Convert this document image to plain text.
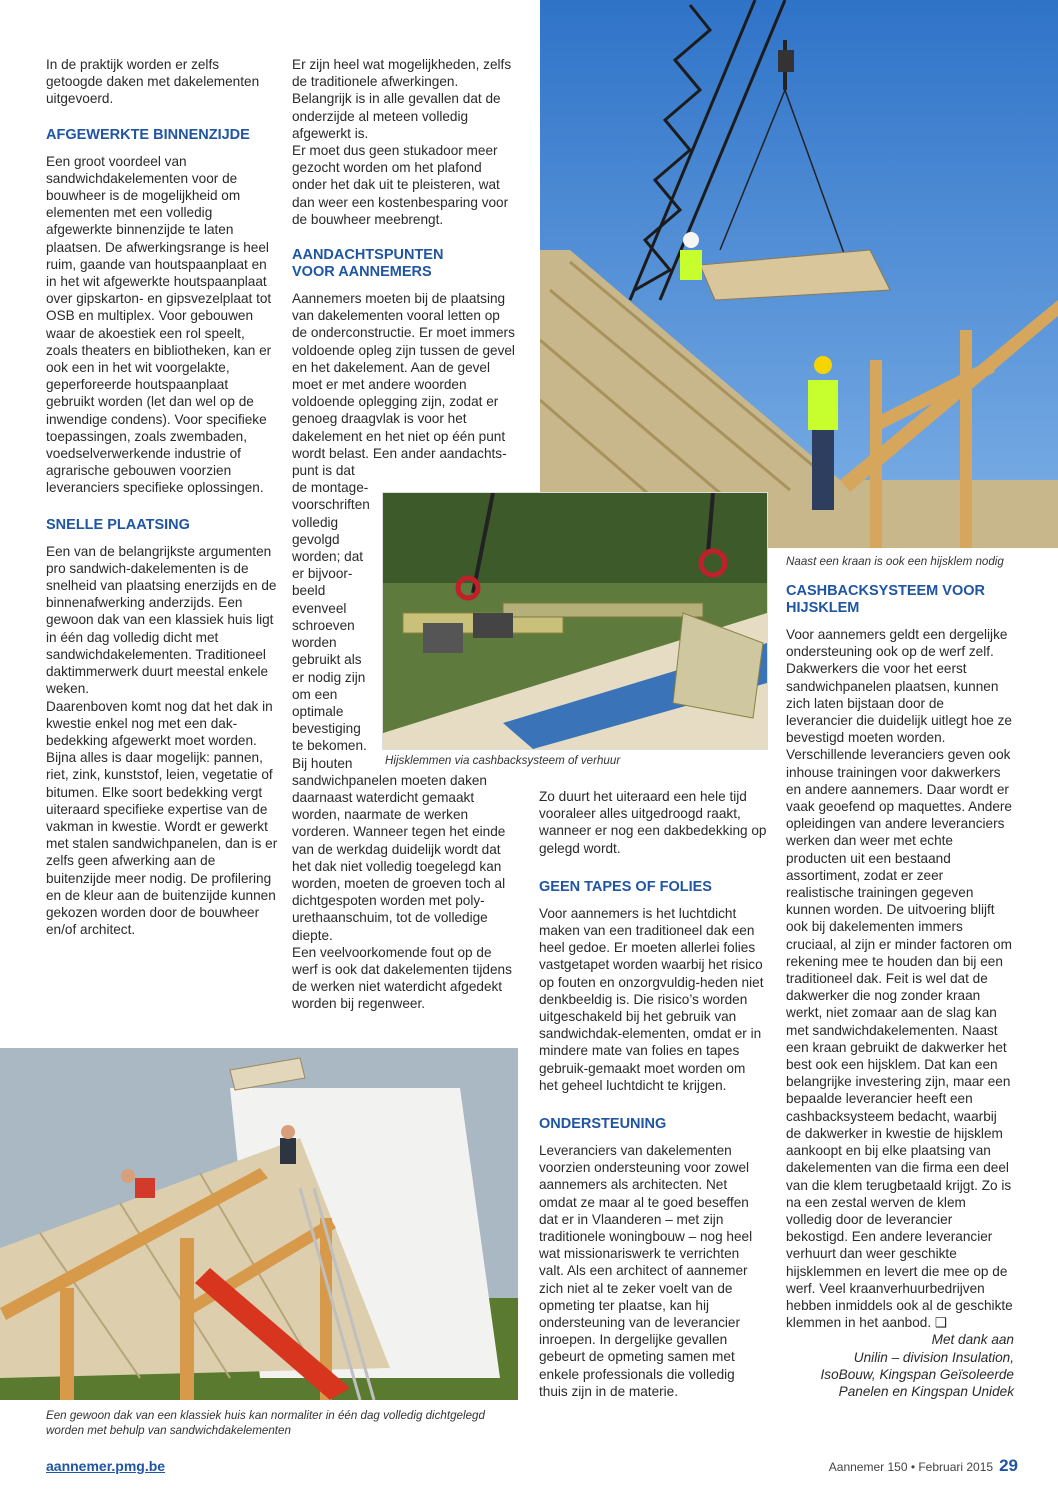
In de praktijk worden er zelfs getoogde daken met dakelementen uitgevoerd.

AFGEWERKTE BINNENZIJDE

Een groot voordeel van sandwichdakelementen voor de bouwheer is de mogelijkheid om elementen met een volledig afgewerkte binnenzijde te laten plaatsen. De afwerkingsrange is heel ruim, gaande van houtspaanplaat en in het wit afgewerkte houtspaanplaat over gipskarton- en gipsvezelplaat tot OSB en multiplex. Voor gebouwen waar de akoestiek een rol speelt, zoals theaters en bibliotheken, kan er ook een in het wit voorgelakte, geperforeerde houtspaanplaat gebruikt worden (let dan wel op de inwendige condens). Voor specifieke toepassingen, zoals zwembaden, voedselverwerkende industrie of agrarische gebouwen voorzien leveranciers specifieke oplossingen.

SNELLE PLAATSING

Een van de belangrijkste argumenten pro sandwich-dakelementen is de snelheid van plaatsing enerzijds en de binnenafwerking anderzijds. Een gewoon dak van een klassiek huis ligt in één dag volledig dicht met sandwichdakelementen. Traditioneel daktimmerwerk duurt meestal enkele weken.

Daarenboven komt nog dat het dak in kwestie enkel nog met een dak-bedekking afgewerkt moet worden. Bijna alles is daar mogelijk: pannen, riet, zink, kunststof, leien, vegetatie of bitumen. Elke soort bedekking vergt uiteraard specifieke expertise van de vakman in kwestie. Wordt er gewerkt met stalen sandwichpanelen, dan is er zelfs geen afwerking aan de buitenzijde meer nodig. De profilering en de kleur aan de buitenzijde kunnen gekozen worden door de bouwheer en/of architect.

Er zijn heel wat mogelijkheden, zelfs de traditionele afwerkingen. Belangrijk is in alle gevallen dat de onderzijde al meteen volledig afgewerkt is.

Er moet dus geen stukadoor meer gezocht worden om het plafond onder het dak uit te pleisteren, wat dan weer een kostenbesparing voor de bouwheer meebrengt.

AANDACHTSPUNTEN VOOR AANNEMERS

Aannemers moeten bij de plaatsing van dakelementen vooral letten op de onderconstructie. Er moet immers voldoende opleg zijn tussen de gevel en het dakelement. Aan de gevel moet er met andere woorden voldoende oplegging zijn, zodat er genoeg draagvlak is voor het dakelement en het niet op één punt wordt belast. Een ander aandachts-punt is dat

de montage-
voorschriften
volledig
gevolgd
worden; dat
er bijvoor-
beeld
evenveel
schroeven
worden
gebruikt als
er nodig zijn
om een
optimale
bevestiging
te bekomen.
Bij houten

sandwichpanelen moeten daken daarnaast waterdicht gemaakt worden, naarmate de werken vorderen. Wanneer tegen het einde van de werkdag duidelijk wordt dat het dak niet volledig toegelegd kan worden, moeten de groeven toch al dichtgespoten worden met poly-urethaanschuim, tot de volledige diepte.

Een veelvoorkomende fout op de werf is ook dat dakelementen tijdens de werken niet waterdicht afgedekt worden bij regenweer.

Zo duurt het uiteraard een hele tijd vooraleer alles uitgedroogd raakt, wanneer er nog een dakbedekking op gelegd wordt.

GEEN TAPES OF FOLIES

Voor aannemers is het luchtdicht maken van een traditioneel dak een heel gedoe. Er moeten allerlei folies vastgetapet worden waarbij het risico op fouten en onzorgvuldig-heden niet denkbeeldig is. Die risico’s worden uitgeschakeld bij het gebruik van sandwichdak-elementen, omdat er in mindere mate van folies en tapes gebruik-gemaakt moet worden om het geheel luchtdicht te krijgen.

ONDERSTEUNING

Leveranciers van dakelementen voorzien ondersteuning voor zowel aannemers als architecten. Net omdat ze maar al te goed beseffen dat er in Vlaanderen – met zijn traditionele woningbouw – nog heel wat missionariswerk te verrichten valt. Als een architect of aannemer zich niet al te zeker voelt van de opmeting ter plaatse, kan hij ondersteuning van de leverancier inroepen. In dergelijke gevallen gebeurt de opmeting samen met enkele professionals die volledig thuis zijn in de materie.

CASHBACKSYSTEEM VOOR HIJSKLEM

Voor aannemers geldt een dergelijke ondersteuning ook op de werf zelf. Dakwerkers die voor het eerst sandwichpanelen plaatsen, kunnen zich laten bijstaan door de leverancier die duidelijk uitlegt hoe ze bevestigd moeten worden. Verschillende leveranciers geven ook inhouse trainingen voor dakwerkers en andere aannemers. Daar wordt er vaak geoefend op maquettes. Andere opleidingen van andere leveranciers werken dan weer met echte producten uit een bestaand assortiment, zodat er zeer realistische trainingen gegeven kunnen worden. De uitvoering blijft ook bij dakelementen immers cruciaal, al zijn er minder factoren om rekening mee te houden dan bij een traditioneel dak. Feit is wel dat de dakwerker die nog zonder kraan werkt, niet zomaar aan de slag kan met sandwichdakelementen. Naast een kraan gebruikt de dakwerker het best ook een hijsklem. Dat kan een belangrijke investering zijn, maar een bepaalde leverancier heeft een cashbacksysteem bedacht, waarbij de dakwerker in kwestie de hijsklem aankoopt en bij elke plaatsing van dakelementen van die firma een deel van die klem terugbetaald krijgt. Zo is na een zestal werven de klem volledig door de leverancier bekostigd. Een andere leverancier verhuurt dan weer geschikte hijsklemmen en levert die mee op de werf. Veel kraanverhuurbedrijven hebben inmiddels ook al de geschikte klemmen in het aanbod. ❑

Met dank aan
Unilin – division Insulation,
IsoBouw, Kingspan Geïsoleerde
Panelen en Kingspan Unidek
Naast een kraan is ook een hijsklem nodig
Hijsklemmen via cashbacksysteem of verhuur
Een gewoon dak van een klassiek huis kan normaliter in één dag volledig dichtgelegd worden met behulp van sandwichdakelementen
aannemer.pmg.be	Aannemer 150 • Februari 2015 29
